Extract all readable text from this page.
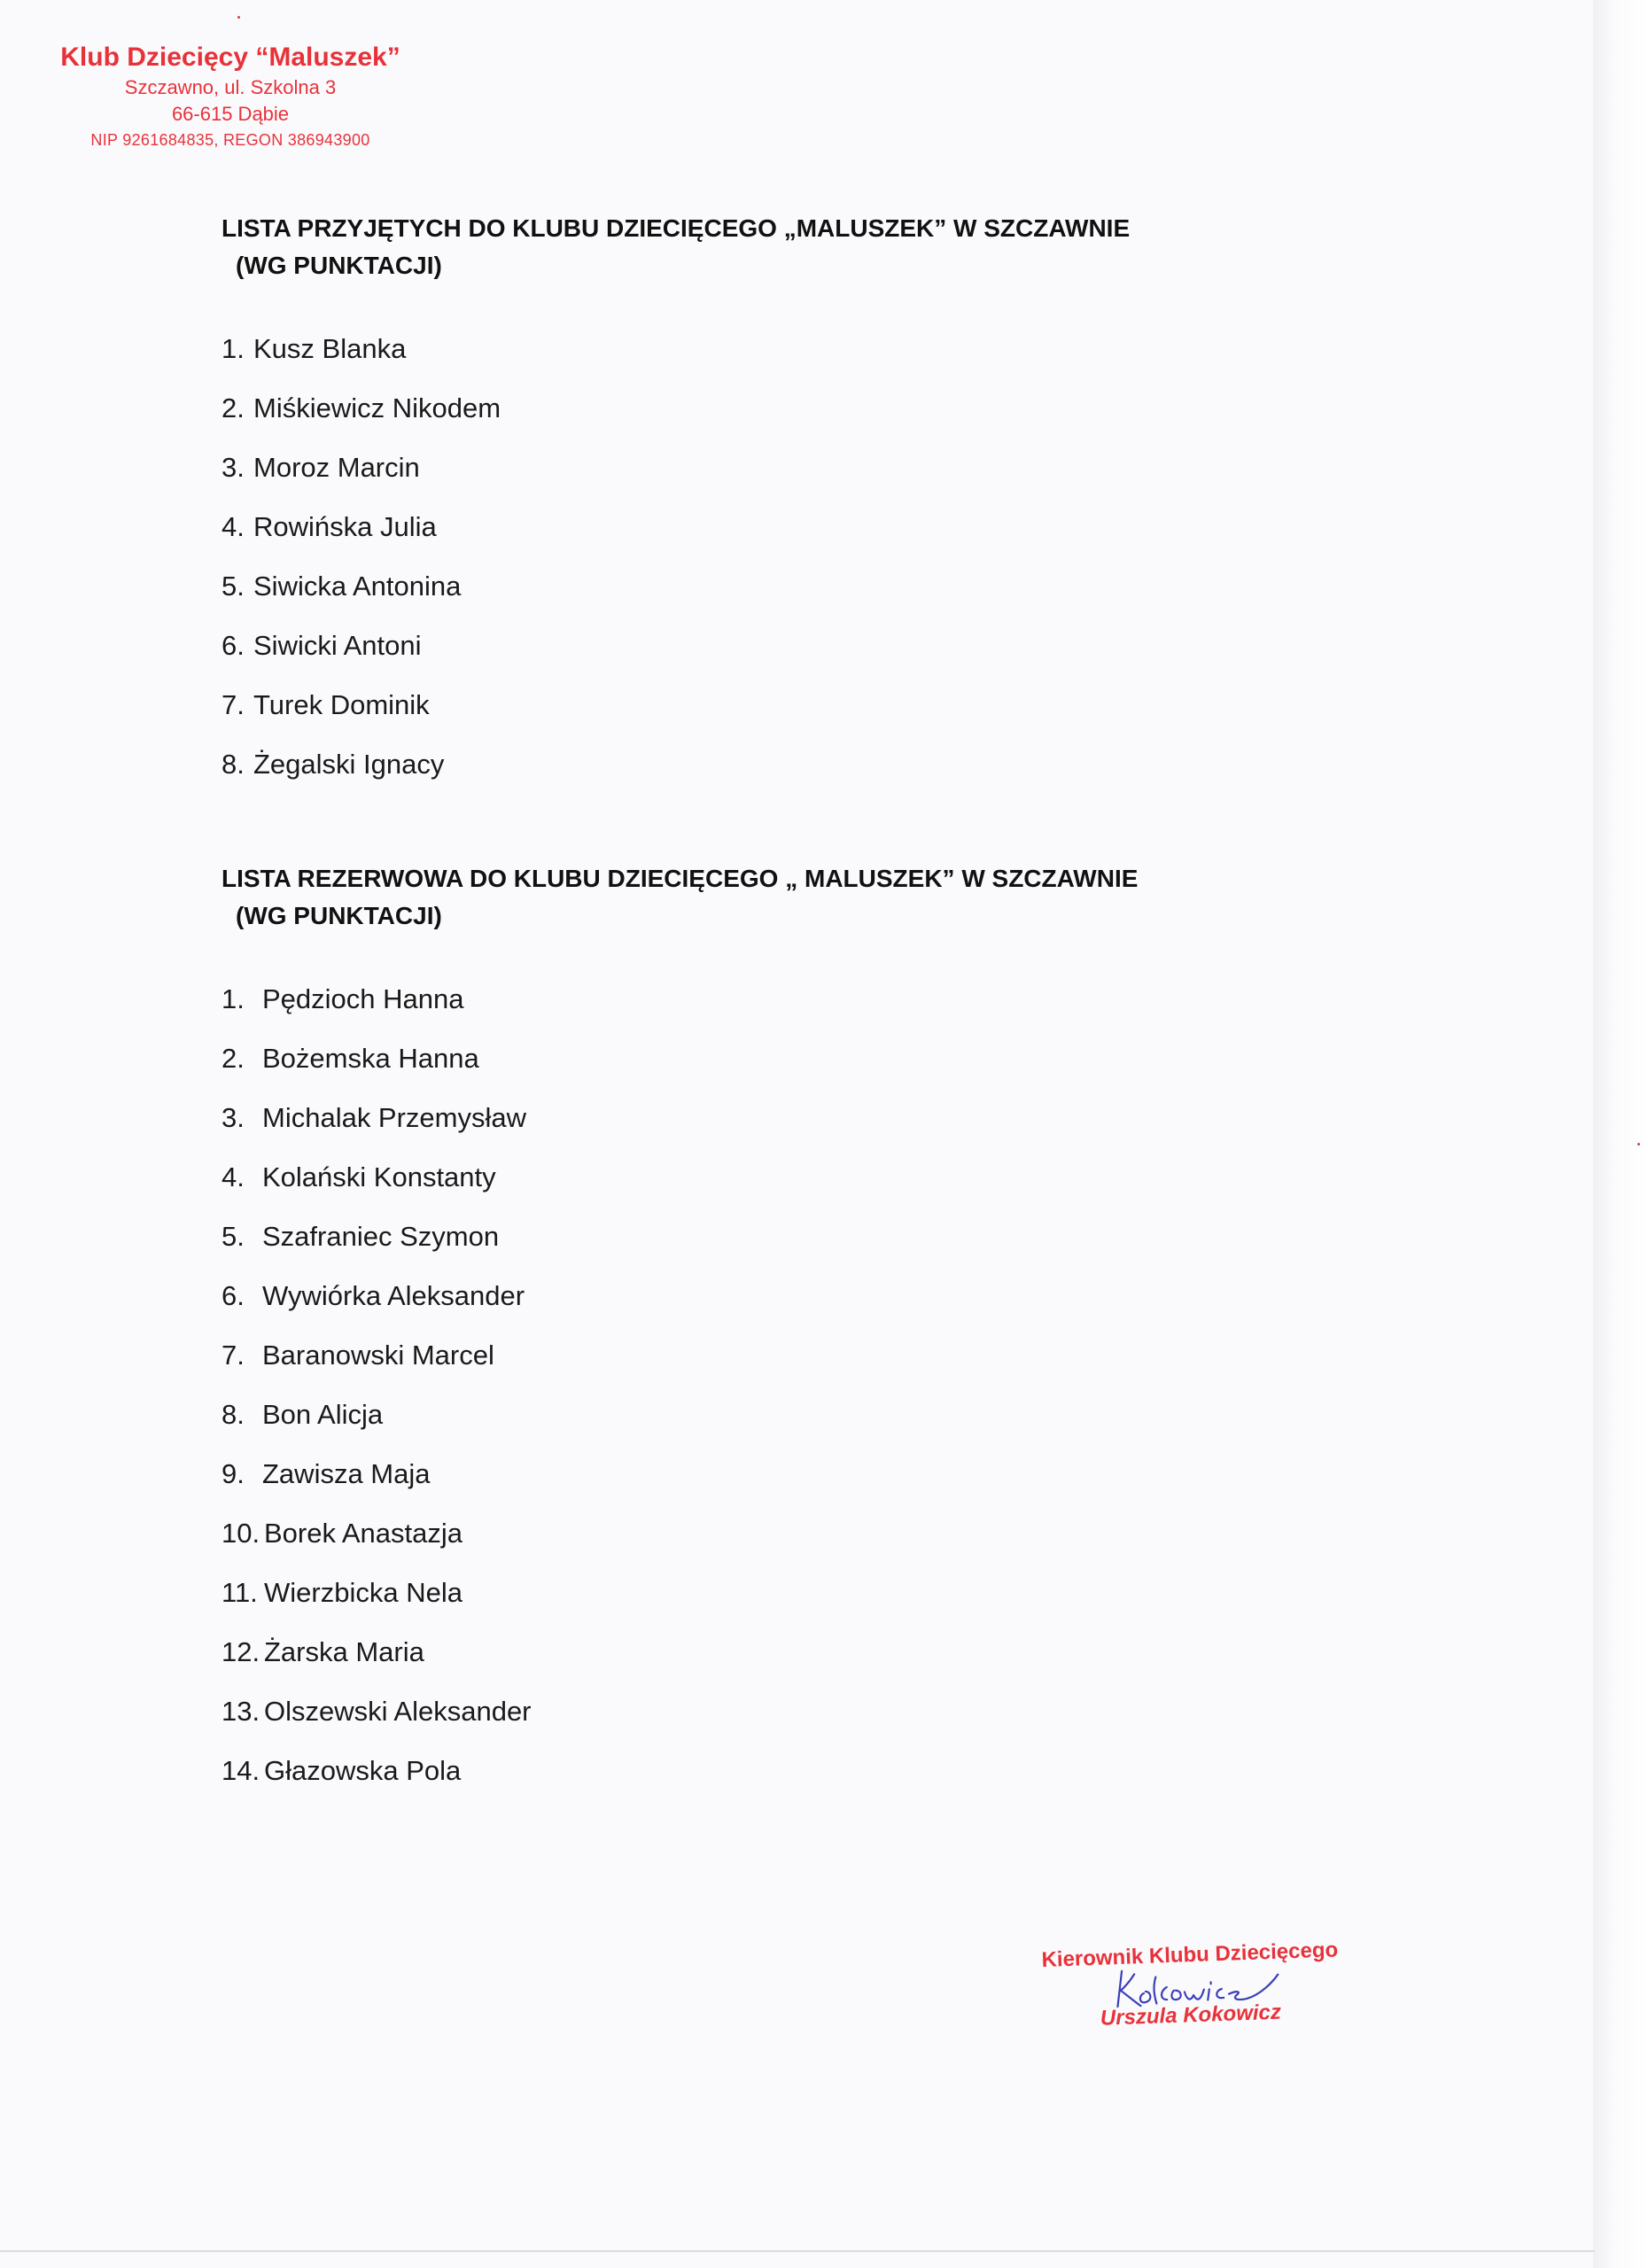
Klub Dziecięcy “Maluszek”
Szczawno, ul. Szkolna 3
66-615 Dąbie
NIP 9261684835, REGON 386943900
LISTA PRZYJĘTYCH DO KLUBU DZIECIĘCEGO „MALUSZEK” W SZCZAWNIE
(WG PUNKTACJI)
1. Kusz Blanka
2. Miśkiewicz Nikodem
3. Moroz Marcin
4. Rowińska Julia
5. Siwicka Antonina
6. Siwicki Antoni
7. Turek Dominik
8. Żegalski Ignacy
LISTA REZERWOWA DO KLUBU DZIECIĘCEGO „ MALUSZEK” W SZCZAWNIE
(WG PUNKTACJI)
1. Pędzioch Hanna
2. Bożemska Hanna
3. Michalak Przemysław
4. Kolański Konstanty
5. Szafraniec Szymon
6. Wywiórka Aleksander
7. Baranowski Marcel
8. Bon Alicja
9. Zawisza Maja
10. Borek Anastazja
11. Wierzbicka Nela
12. Żarska Maria
13. Olszewski Aleksander
14. Głazowska Pola
Kierownik Klubu Dziecięcego
Urszula Kokowicz
